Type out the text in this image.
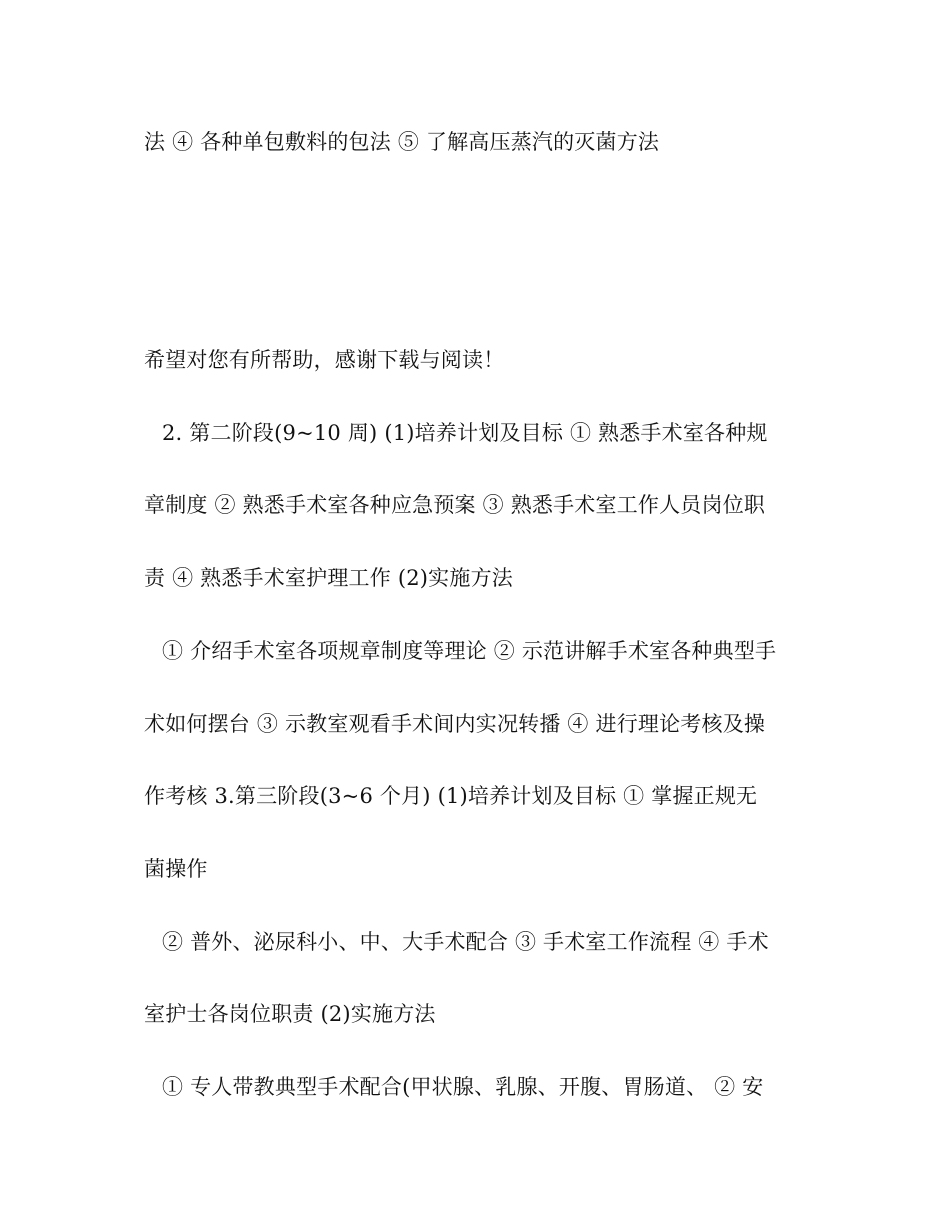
法 ④ 各种单包敷料的包法 ⑤ 了解高压蒸汽的灭菌方法
希望对您有所帮助，感谢下载与阅读！
2. 第二阶段(9~10 周) (1)培养计划及目标 ① 熟悉手术室各种规
章制度 ② 熟悉手术室各种应急预案 ③ 熟悉手术室工作人员岗位职
责 ④ 熟悉手术室护理工作 (2)实施方法
① 介绍手术室各项规章制度等理论 ② 示范讲解手术室各种典型手
术如何摆台 ③ 示教室观看手术间内实况转播 ④ 进行理论考核及操
作考核 3.第三阶段(3~6 个月) (1)培养计划及目标 ① 掌握正规无
菌操作
② 普外、泌尿科小、中、大手术配合 ③ 手术室工作流程 ④ 手术
室护士各岗位职责 (2)实施方法
① 专人带教典型手术配合(甲状腺、乳腺、开腹、胃肠道、 ② 安
